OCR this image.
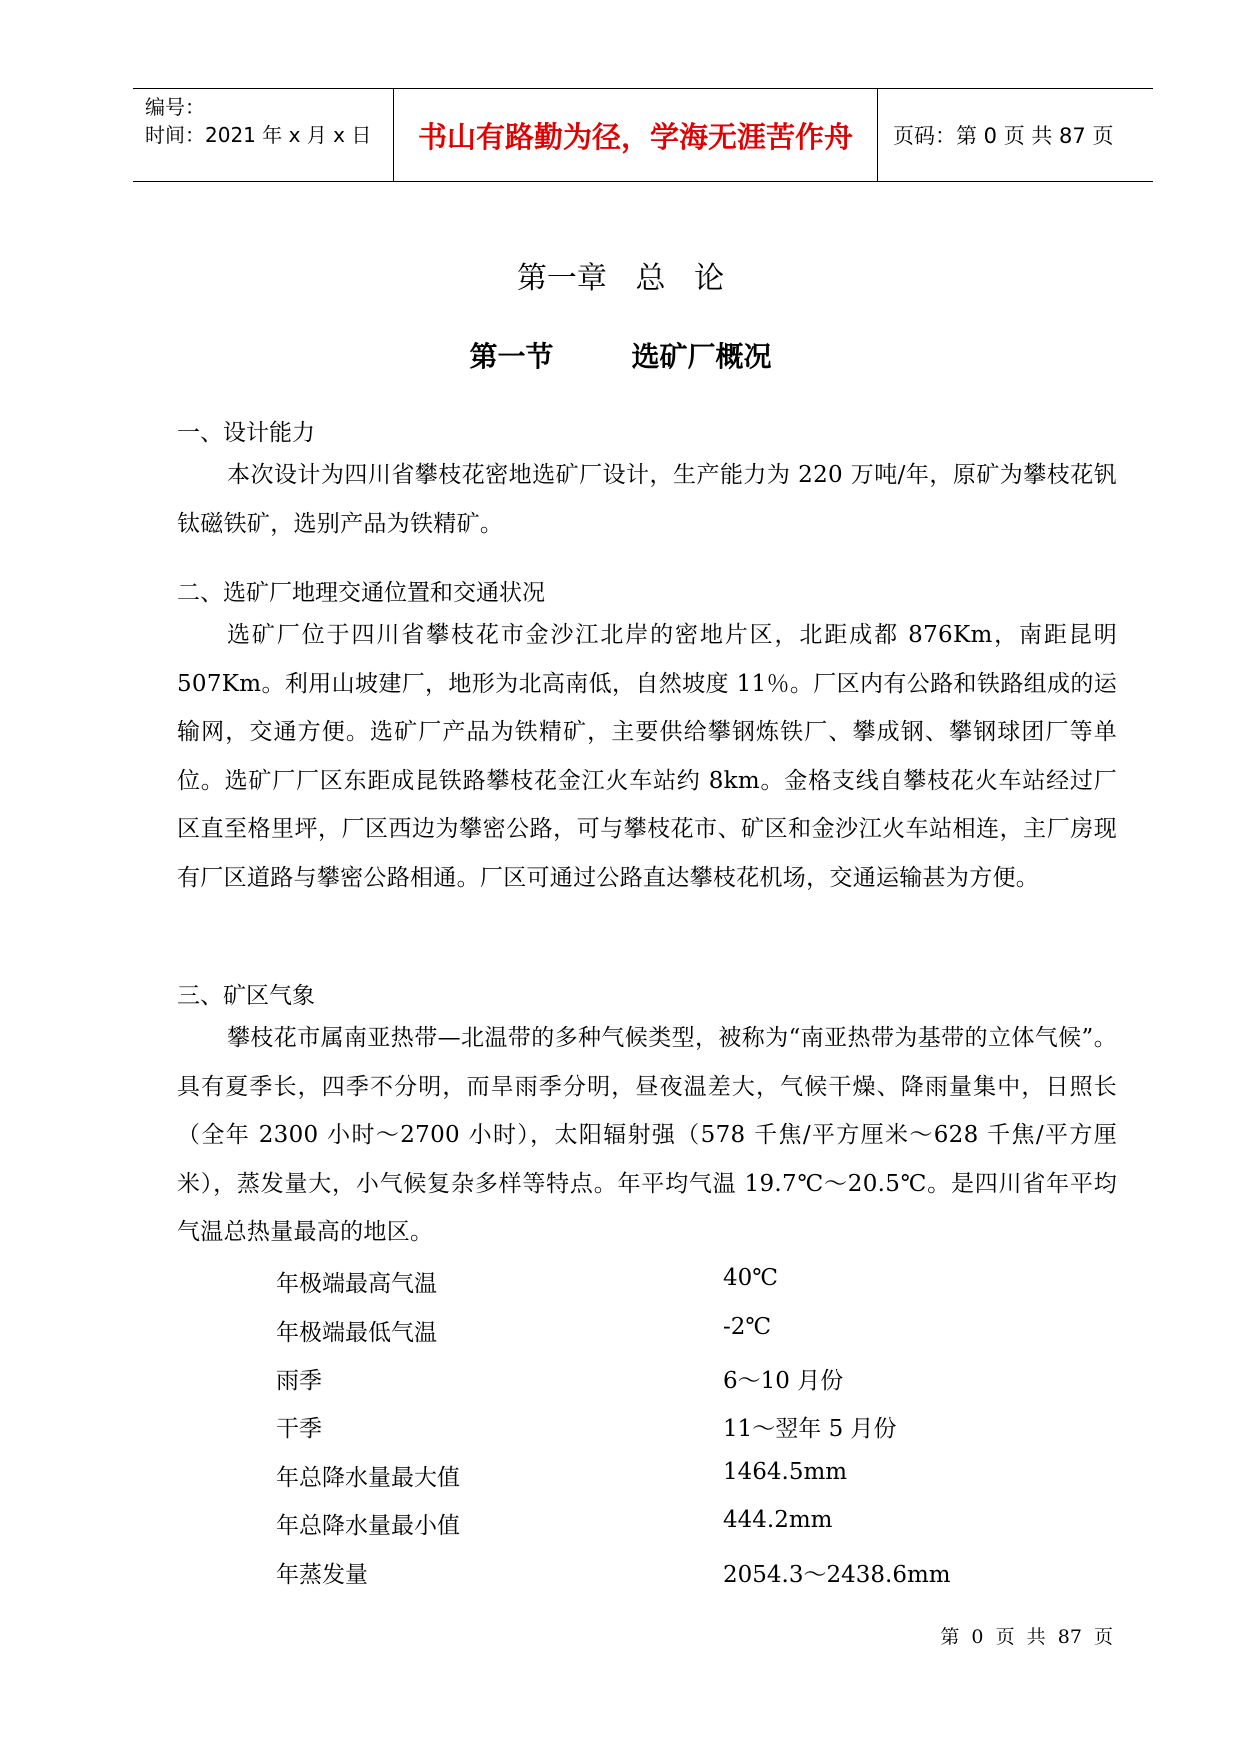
编号：
时间：2021 年 x 月 x 日	书山有路勤为径，学海无涯苦作舟	页码：第 0 页 共 87 页
第一章   总   论
第一节        选矿厂概况
一、设计能力

本次设计为四川省攀枝花密地选矿厂设计，生产能力为 220 万吨/年，原矿为攀枝花钒钛磁铁矿，选别产品为铁精矿。

二、选矿厂地理交通位置和交通状况

选矿厂位于四川省攀枝花市金沙江北岸的密地片区，北距成都 876Km，南距昆明 507Km。利用山坡建厂，地形为北高南低，自然坡度 11％。厂区内有公路和铁路组成的运输网，交通方便。选矿厂产品为铁精矿，主要供给攀钢炼铁厂、攀成钢、攀钢球团厂等单位。选矿厂厂区东距成昆铁路攀枝花金江火车站约 8km。金格支线自攀枝花火车站经过厂区直至格里坪，厂区西边为攀密公路，可与攀枝花市、矿区和金沙江火车站相连，主厂房现有厂区道路与攀密公路相通。厂区可通过公路直达攀枝花机场，交通运输甚为方便。

三、矿区气象

攀枝花市属南亚热带—北温带的多种气候类型，被称为“南亚热带为基带的立体气候”。具有夏季长，四季不分明，而旱雨季分明，昼夜温差大，气候干燥、降雨量集中，日照长（全年 2300 小时～2700 小时），太阳辐射强（578 千焦/平方厘米～628 千焦/平方厘米），蒸发量大，小气候复杂多样等特点。年平均气温 19.7℃～20.5℃。是四川省年平均气温总热量最高的地区。

年极端最高气温	40℃
年极端最低气温	-2℃
雨季	6～10 月份
干季	11～翌年 5 月份
年总降水量最大值	1464.5mm
年总降水量最小值	444.2mm
年蒸发量	2054.3～2438.6mm
第  0  页  共  87  页
